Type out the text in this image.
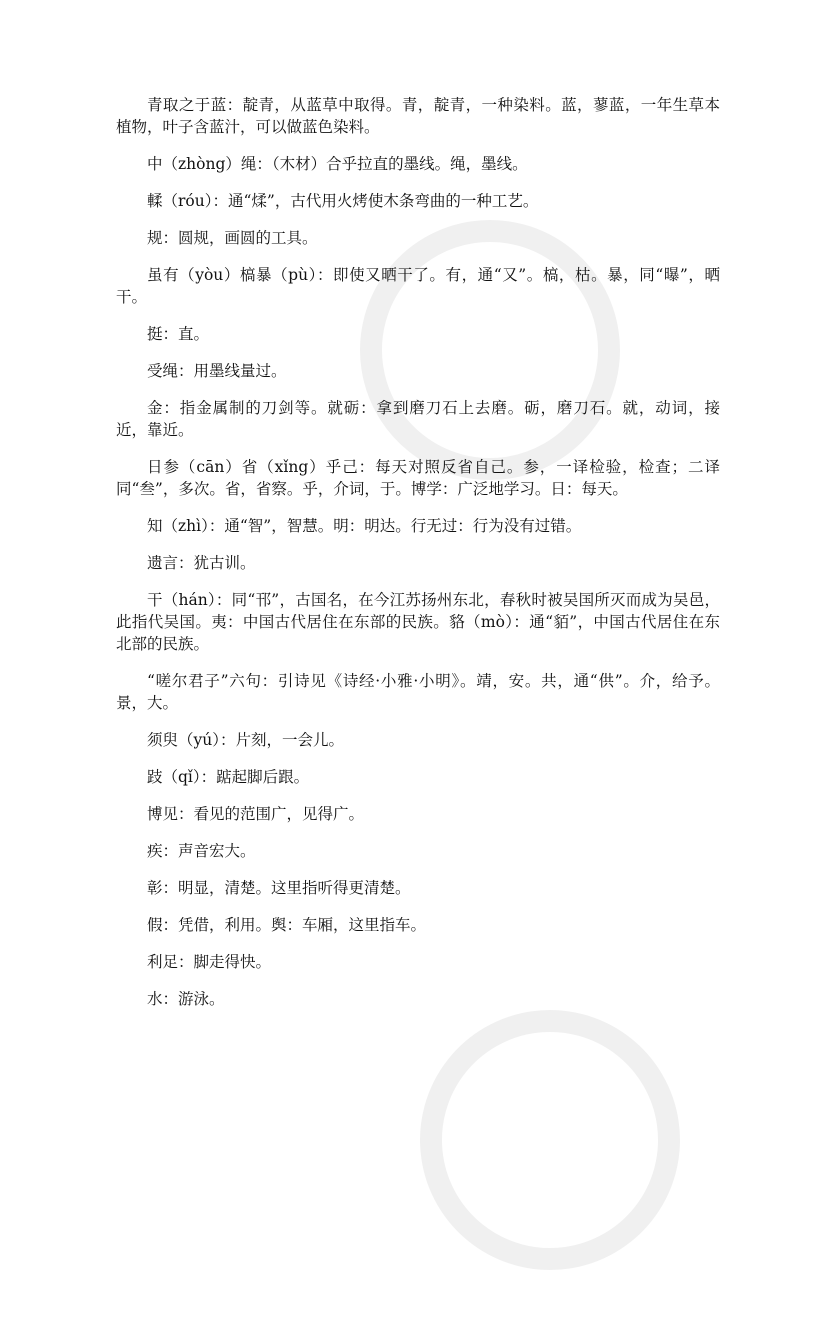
青取之于蓝：靛青，从蓝草中取得。青，靛青，一种染料。蓝，蓼蓝，一年生草本植物，叶子含蓝汁，可以做蓝色染料。

中（zhòng）绳：（木材）合乎拉直的墨线。绳，墨线。

輮（róu）：通“煣”，古代用火烤使木条弯曲的一种工艺。

规：圆规，画圆的工具。

虽有（yòu）槁暴（pù）：即使又晒干了。有，通“又”。槁，枯。暴，同“曝”，晒干。

挺：直。

受绳：用墨线量过。

金：指金属制的刀剑等。就砺：拿到磨刀石上去磨。砺，磨刀石。就，动词，接近，靠近。

日参（cān）省（xǐng）乎己：每天对照反省自己。参，一译检验，检查；二译同“叁”，多次。省，省察。乎，介词，于。博学：广泛地学习。日：每天。

知（zhì）：通“智”，智慧。明：明达。行无过：行为没有过错。

遗言：犹古训。

干（hán）：同“邗”，古国名，在今江苏扬州东北，春秋时被吴国所灭而成为吴邑，此指代吴国。夷：中国古代居住在东部的民族。貉（mò）：通“貊”，中国古代居住在东北部的民族。

“嗟尔君子”六句：引诗见《诗经·小雅·小明》。靖，安。共，通“供”。介，给予。景，大。

须臾（yú）：片刻，一会儿。

跂（qǐ）：踮起脚后跟。

博见：看见的范围广，见得广。

疾：声音宏大。

彰：明显，清楚。这里指听得更清楚。

假：凭借，利用。舆：车厢，这里指车。

利足：脚走得快。

水：游泳。
